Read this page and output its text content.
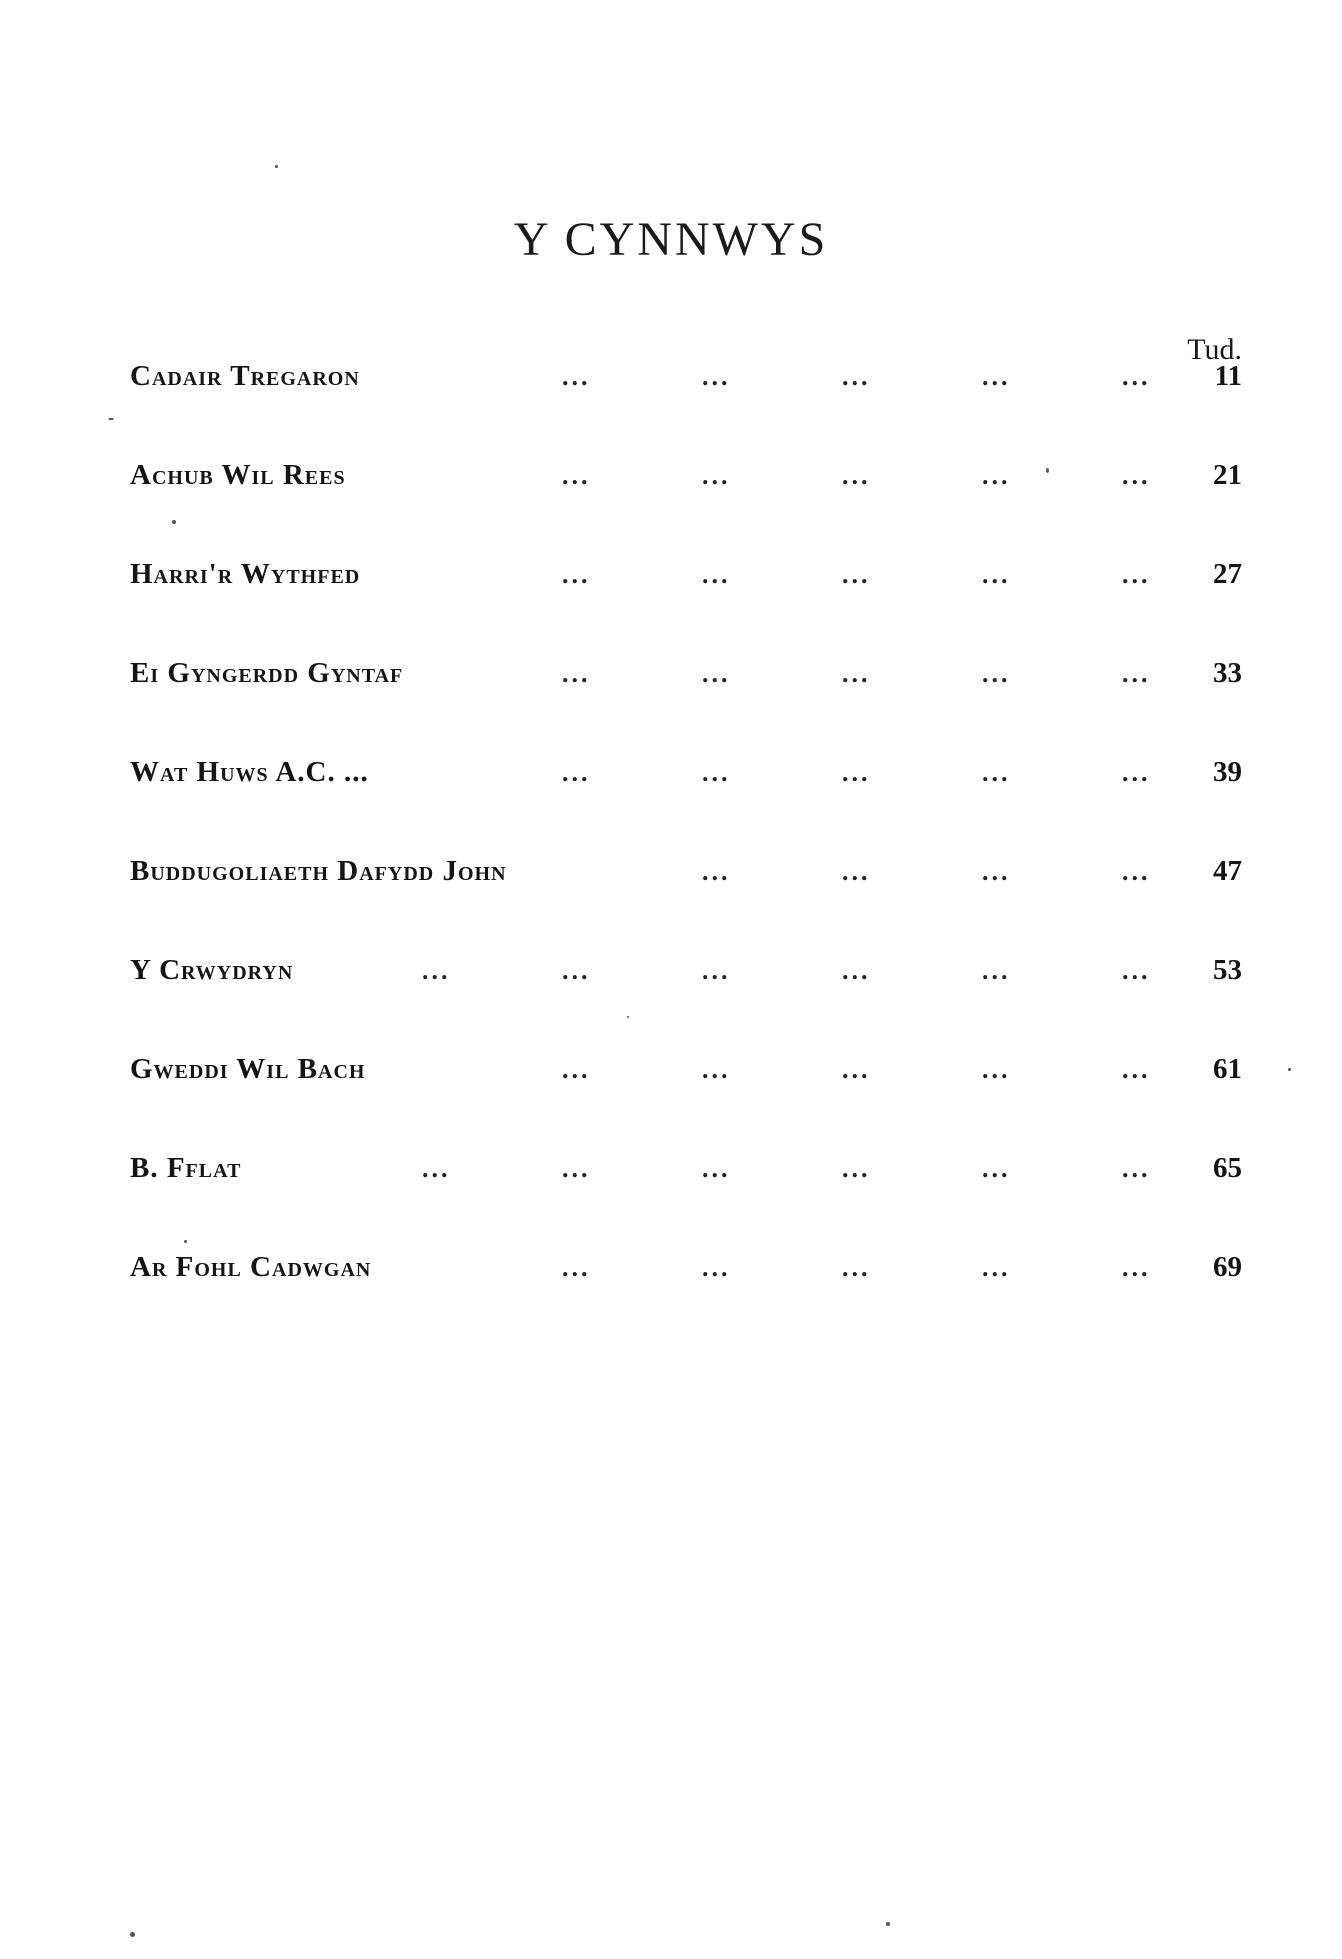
Y CYNNWYS
Tud.
Cadair Tregaron	...	...	...	...	...	11
Achub Wil Rees	...	...	...	...	...	21
Harri'r Wythfed	...	...	...	...	...	27
Ei Gyngerdd Gyntaf	...	...	...	...	...	33
Wat Huws A.C. ...	...	...	...	...	...	39
Buddugoliaeth Dafydd John	...	...	...	...	47
Y Crwydryn	...	...	...	...	...	...	53
Gweddi Wil Bach	...	...	...	...	...	61
B. Fflat	...	...	...	...	...	...	65
Ar Fohl Cadwgan	...	...	...	...	...	69
